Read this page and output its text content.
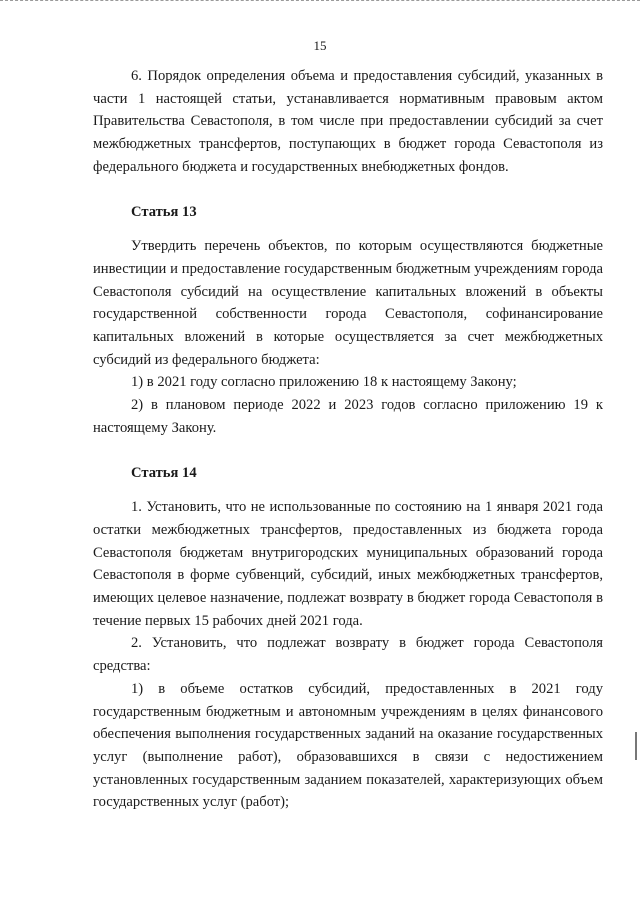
15

6. Порядок определения объема и предоставления субсидий, указанных в части 1 настоящей статьи, устанавливается нормативным правовым актом Правительства Севастополя, в том числе при предоставлении субсидий за счет межбюджетных трансфертов, поступающих в бюджет города Севастополя из федерального бюджета и государственных внебюджетных фондов.

Статья 13

Утвердить перечень объектов, по которым осуществляются бюджетные инвестиции и предоставление государственным бюджетным учреждениям города Севастополя субсидий на осуществление капитальных вложений в объекты государственной собственности города Севастополя, софинансирование капитальных вложений в которые осуществляется за счет межбюджетных субсидий из федерального бюджета:

1) в 2021 году согласно приложению 18 к настоящему Закону;

2) в плановом периоде 2022 и 2023 годов согласно приложению 19 к настоящему Закону.

Статья 14

1. Установить, что не использованные по состоянию на 1 января 2021 года остатки межбюджетных трансфертов, предоставленных из бюджета города Севастополя бюджетам внутригородских муниципальных образований города Севастополя в форме субвенций, субсидий, иных межбюджетных трансфертов, имеющих целевое назначение, подлежат возврату в бюджет города Севастополя в течение первых 15 рабочих дней 2021 года.

2. Установить, что подлежат возврату в бюджет города Севастополя средства:

1) в объеме остатков субсидий, предоставленных в 2021 году государственным бюджетным и автономным учреждениям в целях финансового обеспечения выполнения государственных заданий на оказание государственных услуг (выполнение работ), образовавшихся в связи с недостижением установленных государственным заданием показателей, характеризующих объем государственных услуг (работ);
